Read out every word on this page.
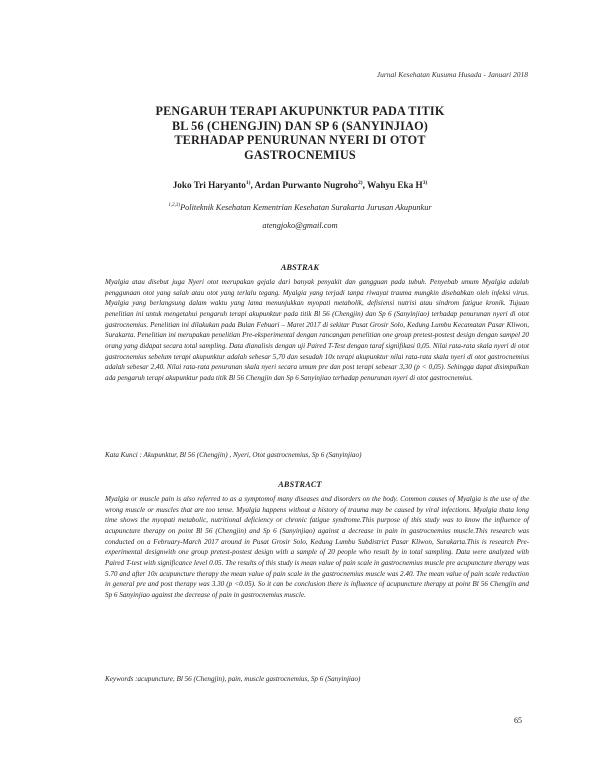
Jurnal Kesehatan Kusuma Husada - Januari 2018
PENGARUH TERAPI AKUPUNKTUR PADA TITIK
BL 56 (CHENGJIN) DAN SP 6 (SANYINJIAO)
TERHADAP PENURUNAN NYERI DI OTOT
GASTROCNEMIUS
Joko Tri Haryanto$^{1)}$, Ardan Purwanto Nugroho$^{2)}$, Wahyu Eka $H^{3)}$
$^{1,2,3)}$Politeknik Kesehatan Kementrian Kesehatan Surakarta Jurusan Akupunkur
atengjoko@gmail.com
ABSTRAK

Myalgia atau disebut juga Nyeri otot merupakan gejala dari banyak penyakit dan gangguan pada tubuh. Penyebab umum Myalgia adalah penggunaan otot yang salah atau otot yang terlalu tegang. Myalgia yang terjadi tanpa riwayat trauma mungkin disebabkan oleh infeksi virus. Myalgia yang berlangsung dalam waktu yang lama menunjukkan myopati metabolik, defisiensi nutrisi atau sindrom fatigue kronik. Tujuan penelitian ini untuk mengetahui pengaruh terapi akupunktur pada titik Bl 56 (Chengjin) dan Sp 6 (Sanyinjiao) terhadap penurunan nyeri di otot gastrocnemius. Penelitian ini dilakukan pada Bulan Febuari – Maret 2017 di sekitar Pusat Grosir Solo, Kedung Lumbu Kecamatan Pasar Kliwon, Surakarta. Penelitian ini merupakan penelitian Pre-eksperimental dengan rancangan penelitian one group pretest-postest design dengan sampel 20 orang yang didapat secara total sampling. Data dianalisis dengan uji Paired T-Test dengan taraf signifikasi 0,05. Nilai rata-rata skala nyeri di otot gastrocnemius sebelum terapi akupunktur adalah sebesar 5,70 dan sesudah 10x terapi akupunktur nilai rata-rata skala nyeri di otot gastrocnemius adalah sebesar 2,40. Nilai rata-rata penurunan skala nyeri secara umum pre dan post terapi sebesar 3,30 (p < 0,05). Sehingga dapat disimpulkan ada pengaruh terapi akupunktur pada titik Bl 56 Chengjin dan Sp 6 Sanyinjiao terhadap penurunan nyeri di otot gastrocnemius.

Kata Kunci : Akupunktur, Bl 56 (Chengjin) , Nyeri, Otot gastrocnemius, Sp 6 (Sanyinjiao)

ABSTRACT

Myalgia or muscle pain is also referred to as a symptomof many diseases and disorders on the body. Common causes of Myalgia is the use of the wrong muscle or muscles that are too tense. Myalgia happens without a history of trauma may be caused by viral infections. Myalgia thata long time shows the myopati metabolic, nutritional deficiency or chronic fatigue syndrome.This purpose of this study was to know the influence of acupuncture therapy on point Bl 56 (Chengjin) and Sp 6 (Sanyinjiao) against a decrease in pain in gastrocnemius muscle.This research was conducted on a February-March 2017 around in Pusat Grosir Solo, Kedung Lumbu Subdistrict Pasar Kliwon, Surakarta.This is research Pre-experimental designwith one group pretest-postest design with a sample of 20 people who result by in total sampling. Data were analyzed with Paired T-test with significance level 0.05. The results of this study is mean value of pain scale in gastrocnemius muscle pre acupuncture therapy was 5.70 and after 10x acupuncture therapy the mean value of pain scale in the gastrocnemius muscle was 2.40. The mean value of pain scale reduction in general pre and post therapy was 3.30 (p <0.05). So it can be conclusion there is influence of acupuncture therapy at point Bl 56 Chengjin and Sp 6 Sanyinjiao against the decrease of pain in gastrocnemius muscle.

Keywords :acupuncture, Bl 56 (Chengjin), pain, muscle gastrocnemius, Sp 6 (Sanyinjiao)

65
